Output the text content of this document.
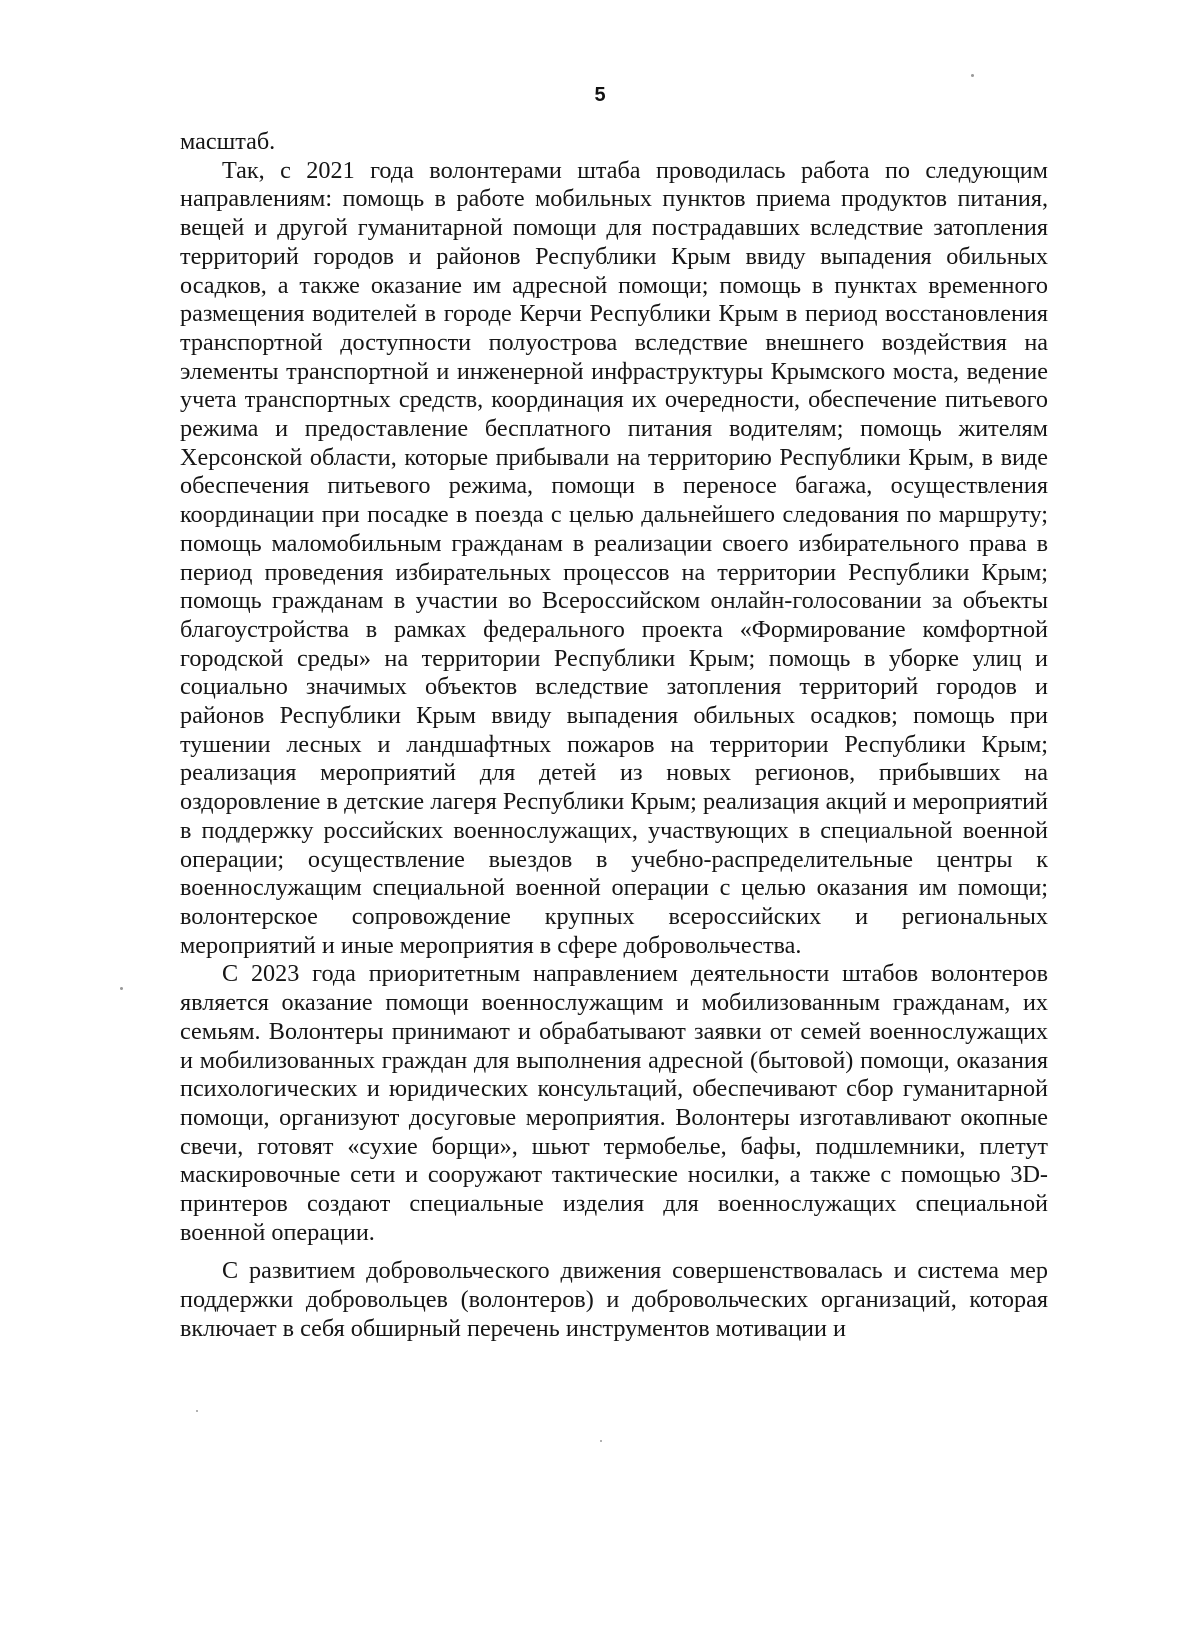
5

масштаб.

Так, с 2021 года волонтерами штаба проводилась работа по следующим направлениям: помощь в работе мобильных пунктов приема продуктов питания, вещей и другой гуманитарной помощи для пострадавших вследствие затопления территорий городов и районов Республики Крым ввиду выпадения обильных осадков, а также оказание им адресной помощи; помощь в пунктах временного размещения водителей в городе Керчи Республики Крым в период восстановления транспортной доступности полуострова вследствие внешнего воздействия на элементы транспортной и инженерной инфраструктуры Крымского моста, ведение учета транспортных средств, координация их очередности, обеспечение питьевого режима и предоставление бесплатного питания водителям; помощь жителям Херсонской области, которые прибывали на территорию Республики Крым, в виде обеспечения питьевого режима, помощи в переносе багажа, осуществления координации при посадке в поезда с целью дальнейшего следования по маршруту; помощь маломобильным гражданам в реализации своего избирательного права в период проведения избирательных процессов на территории Республики Крым; помощь гражданам в участии во Всероссийском онлайн-голосовании за объекты благоустройства в рамках федерального проекта «Формирование комфортной городской среды» на территории Республики Крым; помощь в уборке улиц и социально значимых объектов вследствие затопления территорий городов и районов Республики Крым ввиду выпадения обильных осадков; помощь при тушении лесных и ландшафтных пожаров на территории Республики Крым; реализация мероприятий для детей из новых регионов, прибывших на оздоровление в детские лагеря Республики Крым; реализация акций и мероприятий в поддержку российских военнослужащих, участвующих в специальной военной операции; осуществление выездов в учебно-распределительные центры к военнослужащим специальной военной операции с целью оказания им помощи; волонтерское сопровождение крупных всероссийских и региональных мероприятий и иные мероприятия в сфере добровольчества.

С 2023 года приоритетным направлением деятельности штабов волонтеров является оказание помощи военнослужащим и мобилизованным гражданам, их семьям. Волонтеры принимают и обрабатывают заявки от семей военнослужащих и мобилизованных граждан для выполнения адресной (бытовой) помощи, оказания психологических и юридических консультаций, обеспечивают сбор гуманитарной помощи, организуют досуговые мероприятия. Волонтеры изготавливают окопные свечи, готовят «сухие борщи», шьют термобелье, бафы, подшлемники, плетут маскировочные сети и сооружают тактические носилки, а также с помощью 3D-принтеров создают специальные изделия для военнослужащих специальной военной операции.

С развитием добровольческого движения совершенствовалась и система мер поддержки добровольцев (волонтеров) и добровольческих организаций, которая включает в себя обширный перечень инструментов мотивации и
